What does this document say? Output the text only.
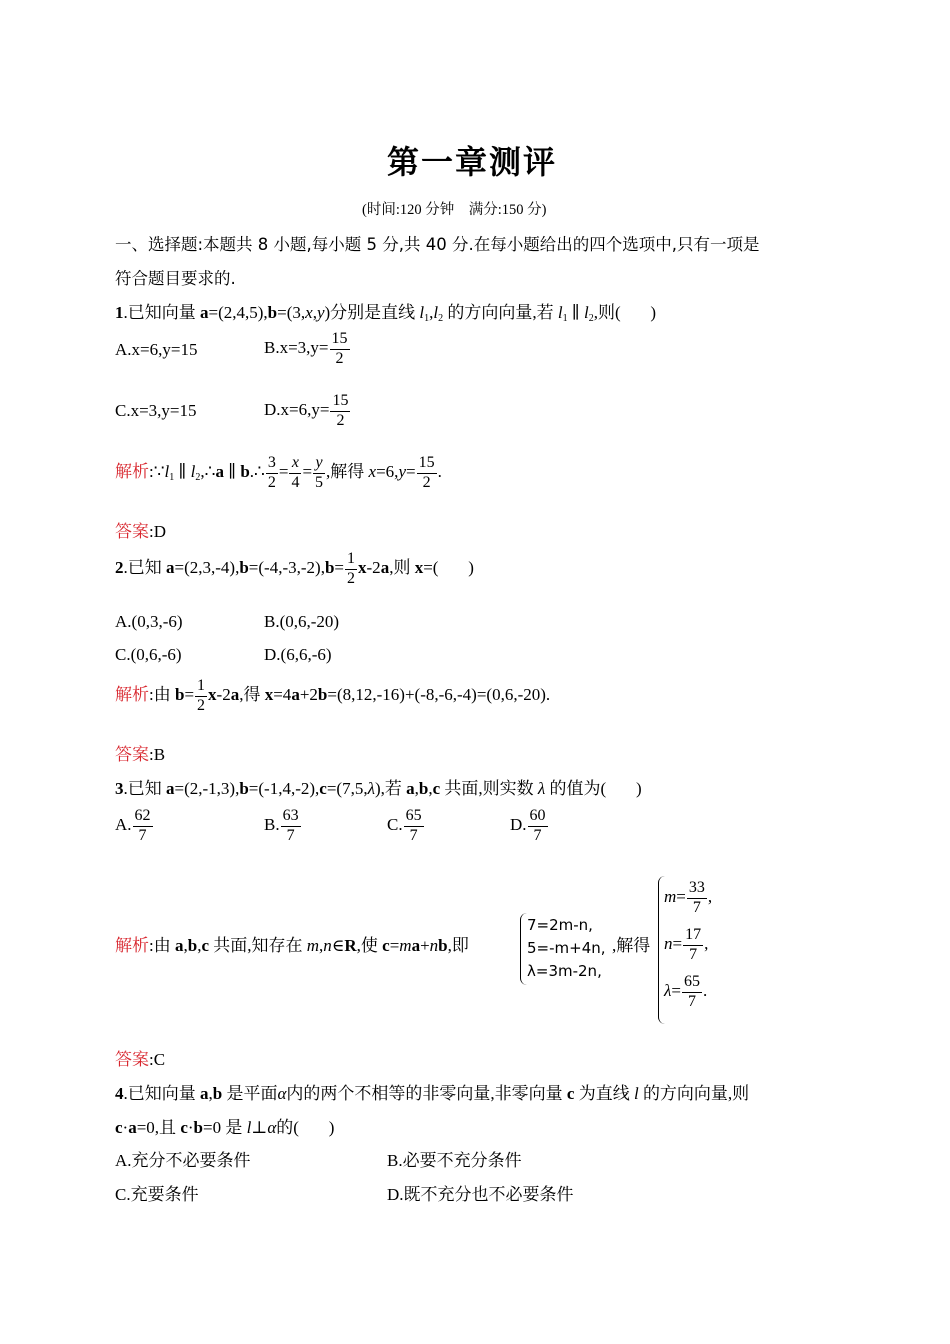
第一章测评
(时间:120 分钟 满分:150 分)
一、选择题:本题共 8 小题,每小题 5 分,共 40 分.在每小题给出的四个选项中,只有一项是
符合题目要求的.
1.已知向量 a=(2,4,5),b=(3,x,y)分别是直线 $l_1,l_2$ 的方向向量,若 $l_1$ ∥ $l_2$,则( )
A.x=6,y=15	$B.x=3,y= \frac{15}{2}$
C.x=3,y=15	$D.x=6,y= \frac{15}{2}$
解析$:\because l_1$ ∥ $l_2,\therefore a$ ∥ b.∴ $\frac{3}{2} = \frac{x}{4} = \frac{y}{5}$ ,解得 $x=6,y= \frac{15}{2}$ .
答案:D
2.已知 $a=(2,3,-4),b=(-4,-3,-2),b= \frac{1}{2} x-2a$,则 x=( )
A.(0,3,-6)	B.(0,6,-20)
C.(0,6,-6)	D.(6,6,-6)
解析:由 $b= \frac{1}{2} x-2a$,得 x=4a+2b=(8,12,-16)+(-8,-6,-4)=(0,6,-20).
答案:B
3.已知 a=(2,-1,3),b=(-1,4,-2),c=(7,5,λ),若 a,b,c 共面,则实数 λ 的值为( )
A. $\frac{62}{7}$	B. $\frac{63}{7}$	C. $\frac{65}{7}$	D. $\frac{60}{7}$
解析:由 a,b,c 共面,知存在 m,n∈R,使 c=ma+nb,即
7=2m-n,
5=-m+4n,
λ=3m-2n,
,解得
$m= \frac{33}{7}$ ,
$n= \frac{17}{7}$ ,
$\lambda= \frac{65}{7}$ .
答案:C
4.已知向量 a,b 是平面α内的两个不相等的非零向量,非零向量 c 为直线 l 的方向向量,则
c·a=0,且 c·b=0 是 l⊥α的( )
A.充分不必要条件	B.必要不充分条件
C.充要条件	D.既不充分也不必要条件
